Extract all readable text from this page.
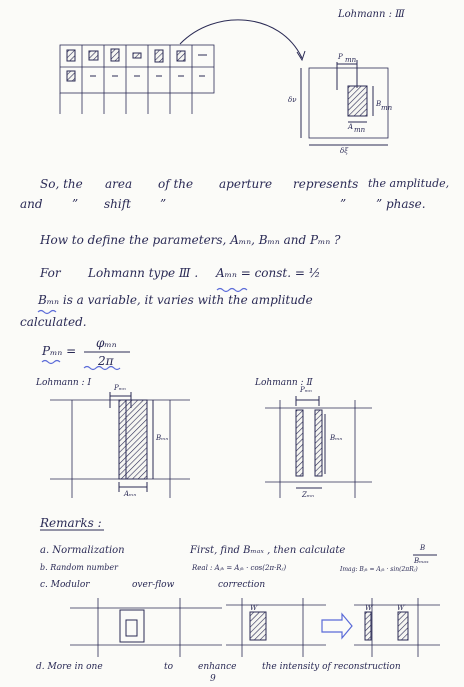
Lohmann : Ⅲ
P mn
δν	B mn
A mn
δξ
So, the area of the aperture represents the amplitude,
and ” shift ”	” ” phase.
How to define the parameters, Aₘₙ, Bₘₙ and Pₘₙ ?
For Lohmann type Ⅲ . Aₘₙ = const. = ½
Bₘₙ is a variable, it varies with the amplitude
calculated.
Pₘₙ =
φₘₙ
2π
Lohmann : I	Lohmann : Ⅱ
Pₘₙ
Bₘₙ
Aₘₙ
Pₘₙ
Bₘₙ
Zₘₙ
Remarks :
a. Normalization	First, find Bₘₐₓ , then calculate	B
Bₘₐₓ
b. Random number	Real : Aⱼₖ = Aⱼₖ · cos(2π·Rⱼ)	Imag: Bⱼₖ = Aⱼₖ · sin(2πRⱼ)
c. Modulor	over-flow	correction
W′	W′	W′
d. More in one	to	enhance	the intensity of reconstruction
9
